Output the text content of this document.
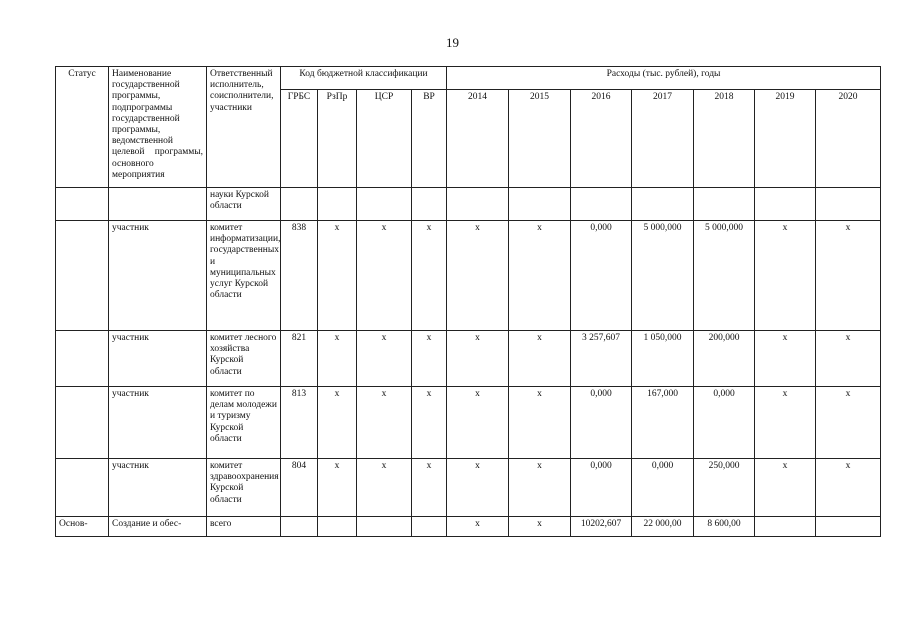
19
Статус	Наименование государственной программы, подпрограммы государственной программы, ведомственной целевой программы, основного мероприятия	Ответственный исполнитель, соисполнители, участники	Код бюджетной классификации				Расходы (тыс. рублей), годы						
			ГРБС	РзПр	ЦСР	ВР	2014	2015	2016	2017	2018	2019	2020
		науки Курской области											
	участник	комитет информатизации, государственных и муниципальных услуг Курской области	838	х	х	х	х	х	0,000	5 000,000	5 000,000	х	х
	участник	комитет лесного хозяйства Курской области	821	х	х	х	х	х	3 257,607	1 050,000	200,000	х	х
	участник	комитет по делам молодежи и туризму Курской области	813	х	х	х	х	х	0,000	167,000	0,000	х	х
	участник	комитет здравоохранения Курской области	804	х	х	х	х	х	0,000	0,000	250,000	х	х
Основ-	Создание и обес-	всего					х	х	10202,607	22 000,00	8 600,00		
